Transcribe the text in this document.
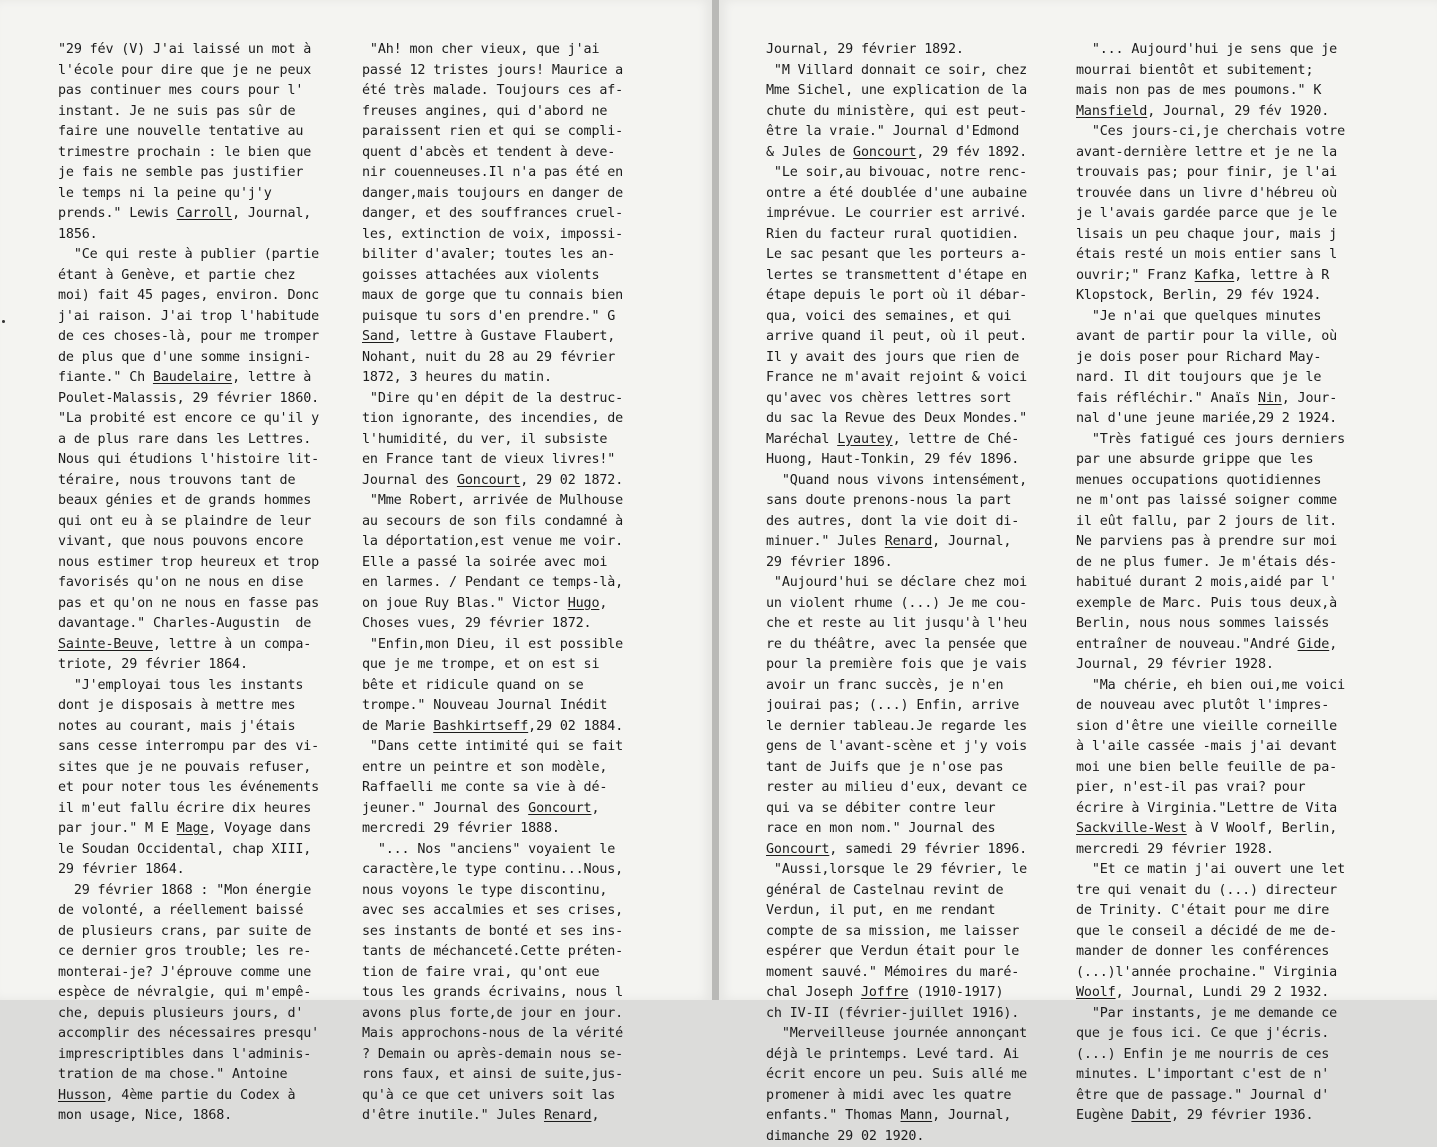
"29 fév (V) J'ai laissé un mot à
l'école pour dire que je ne peux
pas continuer mes cours pour l'
instant. Je ne suis pas sûr de
faire une nouvelle tentative au
trimestre prochain : le bien que
je fais ne semble pas justifier
le temps ni la peine qu'j'y
prends." Lewis Carroll, Journal,
1856.
"Ce qui reste à publier (partie
étant à Genève, et partie chez
moi) fait 45 pages, environ. Donc
j'ai raison. J'ai trop l'habitude
de ces choses-là, pour me tromper
de plus que d'une somme insigni-
fiante." Ch Baudelaire, lettre à
Poulet-Malassis, 29 février 1860.
"La probité est encore ce qu'il y
a de plus rare dans les Lettres.
Nous qui étudions l'histoire lit-
téraire, nous trouvons tant de
beaux génies et de grands hommes
qui ont eu à se plaindre de leur
vivant, que nous pouvons encore
nous estimer trop heureux et trop
favorisés qu'on ne nous en dise
pas et qu'on ne nous en fasse pas
davantage." Charles-Augustin  de
Sainte-Beuve, lettre à un compa-
triote, 29 février 1864.
"J'employai tous les instants
dont je disposais à mettre mes
notes au courant, mais j'étais
sans cesse interrompu par des vi-
sites que je ne pouvais refuser,
et pour noter tous les événements
il m'eut fallu écrire dix heures
par jour." M E Mage, Voyage dans
le Soudan Occidental, chap XIII,
29 février 1864.
29 février 1868 : "Mon énergie
de volonté, a réellement baissé
de plusieurs crans, par suite de
ce dernier gros trouble; les re-
monterai-je? J'éprouve comme une
espèce de névralgie, qui m'empê-
che, depuis plusieurs jours, d'
accomplir des nécessaires presqu'
imprescriptibles dans l'adminis-
tration de ma chose." Antoine
Husson, 4ème partie du Codex à
mon usage, Nice, 1868.
"Ah! mon cher vieux, que j'ai
passé 12 tristes jours! Maurice a
été très malade. Toujours ces af-
freuses angines, qui d'abord ne
paraissent rien et qui se compli-
quent d'abcès et tendent à deve-
nir couenneuses.Il n'a pas été en
danger,mais toujours en danger de
danger, et des souffrances cruel-
les, extinction de voix, impossi-
biliter d'avaler; toutes les an-
goisses attachées aux violents
maux de gorge que tu connais bien
puisque tu sors d'en prendre." G
Sand, lettre à Gustave Flaubert,
Nohant, nuit du 28 au 29 février
1872, 3 heures du matin.
"Dire qu'en dépit de la destruc-
tion ignorante, des incendies, de
l'humidité, du ver, il subsiste
en France tant de vieux livres!"
Journal des Goncourt, 29 02 1872.
"Mme Robert, arrivée de Mulhouse
au secours de son fils condamné à
la déportation,est venue me voir.
Elle a passé la soirée avec moi
en larmes. / Pendant ce temps-là,
on joue Ruy Blas." Victor Hugo,
Choses vues, 29 février 1872.
"Enfin,mon Dieu, il est possible
que je me trompe, et on est si
bête et ridicule quand on se
trompe." Nouveau Journal Inédit
de Marie Bashkirtseff,29 02 1884.
"Dans cette intimité qui se fait
entre un peintre et son modèle,
Raffaelli me conte sa vie à dé-
jeuner." Journal des Goncourt,
mercredi 29 février 1888.
"... Nos "anciens" voyaient le
caractère,le type continu...Nous,
nous voyons le type discontinu,
avec ses accalmies et ses crises,
ses instants de bonté et ses ins-
tants de méchanceté.Cette préten-
tion de faire vrai, qu'ont eue
tous les grands écrivains, nous l
avons plus forte,de jour en jour.
Mais approchons-nous de la vérité
? Demain ou après-demain nous se-
rons faux, et ainsi de suite,jus-
qu'à ce que cet univers soit las
d'être inutile." Jules Renard,
Journal, 29 février 1892.
"M Villard donnait ce soir, chez
Mme Sichel, une explication de la
chute du ministère, qui est peut-
être la vraie." Journal d'Edmond
& Jules de Goncourt, 29 fév 1892.
"Le soir,au bivouac, notre renc-
ontre a été doublée d'une aubaine
imprévue. Le courrier est arrivé.
Rien du facteur rural quotidien.
Le sac pesant que les porteurs a-
lertes se transmettent d'étape en
étape depuis le port où il débar-
qua, voici des semaines, et qui
arrive quand il peut, où il peut.
Il y avait des jours que rien de
France ne m'avait rejoint & voici
qu'avec vos chères lettres sort
du sac la Revue des Deux Mondes."
Maréchal Lyautey, lettre de Ché-
Huong, Haut-Tonkin, 29 fév 1896.
"Quand nous vivons intensément,
sans doute prenons-nous la part
des autres, dont la vie doit di-
minuer." Jules Renard, Journal,
29 février 1896.
"Aujourd'hui se déclare chez moi
un violent rhume (...) Je me cou-
che et reste au lit jusqu'à l'heu
re du théâtre, avec la pensée que
pour la première fois que je vais
avoir un franc succès, je n'en
jouirai pas; (...) Enfin, arrive
le dernier tableau.Je regarde les
gens de l'avant-scène et j'y vois
tant de Juifs que je n'ose pas
rester au milieu d'eux, devant ce
qui va se débiter contre leur
race en mon nom." Journal des
Goncourt, samedi 29 février 1896.
"Aussi,lorsque le 29 février, le
général de Castelnau revint de
Verdun, il put, en me rendant
compte de sa mission, me laisser
espérer que Verdun était pour le
moment sauvé." Mémoires du maré-
chal Joseph Joffre (1910-1917)
ch IV-II (février-juillet 1916).
"Merveilleuse journée annonçant
déjà le printemps. Levé tard. Ai
écrit encore un peu. Suis allé me
promener à midi avec les quatre
enfants." Thomas Mann, Journal,
dimanche 29 02 1920.
"... Aujourd'hui je sens que je
mourrai bientôt et subitement;
mais non pas de mes poumons." K
Mansfield, Journal, 29 fév 1920.
"Ces jours-ci,je cherchais votre
avant-dernière lettre et je ne la
trouvais pas; pour finir, je l'ai
trouvée dans un livre d'hébreu où
je l'avais gardée parce que je le
lisais un peu chaque jour, mais j
étais resté un mois entier sans l
ouvrir;" Franz Kafka, lettre à R
Klopstock, Berlin, 29 fév 1924.
"Je n'ai que quelques minutes
avant de partir pour la ville, où
je dois poser pour Richard May-
nard. Il dit toujours que je le
fais réfléchir." Anaïs Nin, Jour-
nal d'une jeune mariée,29 2 1924.
"Très fatigué ces jours derniers
par une absurde grippe que les
menues occupations quotidiennes
ne m'ont pas laissé soigner comme
il eût fallu, par 2 jours de lit.
Ne parviens pas à prendre sur moi
de ne plus fumer. Je m'étais dés-
habitué durant 2 mois,aidé par l'
exemple de Marc. Puis tous deux,à
Berlin, nous nous sommes laissés
entraîner de nouveau."André Gide,
Journal, 29 février 1928.
"Ma chérie, eh bien oui,me voici
de nouveau avec plutôt l'impres-
sion d'être une vieille corneille
à l'aile cassée -mais j'ai devant
moi une bien belle feuille de pa-
pier, n'est-il pas vrai? pour
écrire à Virginia."Lettre de Vita
Sackville-West à V Woolf, Berlin,
mercredi 29 février 1928.
"Et ce matin j'ai ouvert une let
tre qui venait du (...) directeur
de Trinity. C'était pour me dire
que le conseil a décidé de me de-
mander de donner les conférences
(...)l'année prochaine." Virginia
Woolf, Journal, Lundi 29 2 1932.
"Par instants, je me demande ce
que je fous ici. Ce que j'écris.
(...) Enfin je me nourris de ces
minutes. L'important c'est de n'
être que de passage." Journal d'
Eugène Dabit, 29 février 1936.
